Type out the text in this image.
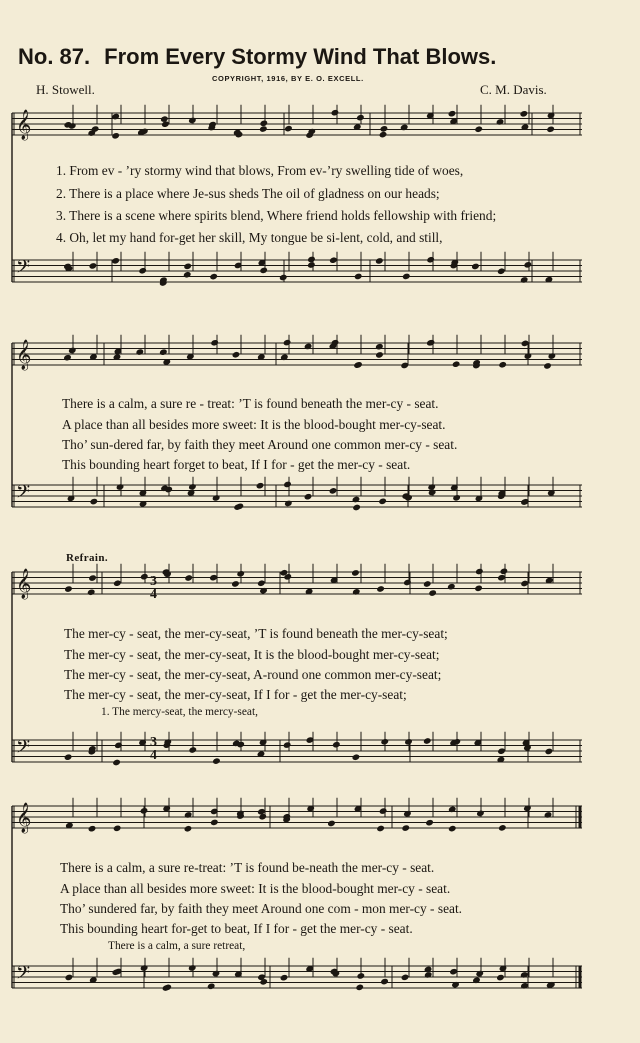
No. 87. From Every Stormy Wind That Blows.
COPYRIGHT, 1916, BY E. O. EXCELL.
H. Stowell.	C. M. Davis.
𝄞
𝄢
𝄞
𝄢
𝄞
𝄢
𝄞
𝄢
1. From ev - ’ry stormy wind that blows, From ev-’ry swelling tide of woes,
2. There is a place where Je-sus sheds The oil of gladness on our heads;
3. There is a scene where spirits blend, Where friend holds fellowship with friend;
4. Oh, let my hand for-get her skill, My tongue be si-lent, cold, and still,
There is a calm, a sure re - treat: ’T is found beneath the mer-cy - seat.
A place than all besides more sweet: It is the blood-bought mer-cy-seat.
Tho’ sun-dered far, by faith they meet Around one common mer-cy - seat.
This bounding heart forget to beat, If I for - get the mer-cy - seat.
Refrain.
The mer-cy - seat, the mer-cy-seat, ’T is found beneath the mer-cy-seat;
The mer-cy - seat, the mer-cy-seat, It is the blood-bought mer-cy-seat;
The mer-cy - seat, the mer-cy-seat, A-round one common mer-cy-seat;
The mer-cy - seat, the mer-cy-seat, If I for - get the mer-cy-seat;
1. The mercy-seat, the mercy-seat,
There is a calm, a sure re-treat: ’T is found be-neath the mer-cy - seat.
A place than all besides more sweet: It is the blood-bought mer-cy - seat.
Tho’ sundered far, by faith they meet Around one com - mon mer-cy - seat.
This bounding heart for-get to beat, If I for - get the mer-cy - seat.
There is a calm, a sure retreat,
3
4
3
4
